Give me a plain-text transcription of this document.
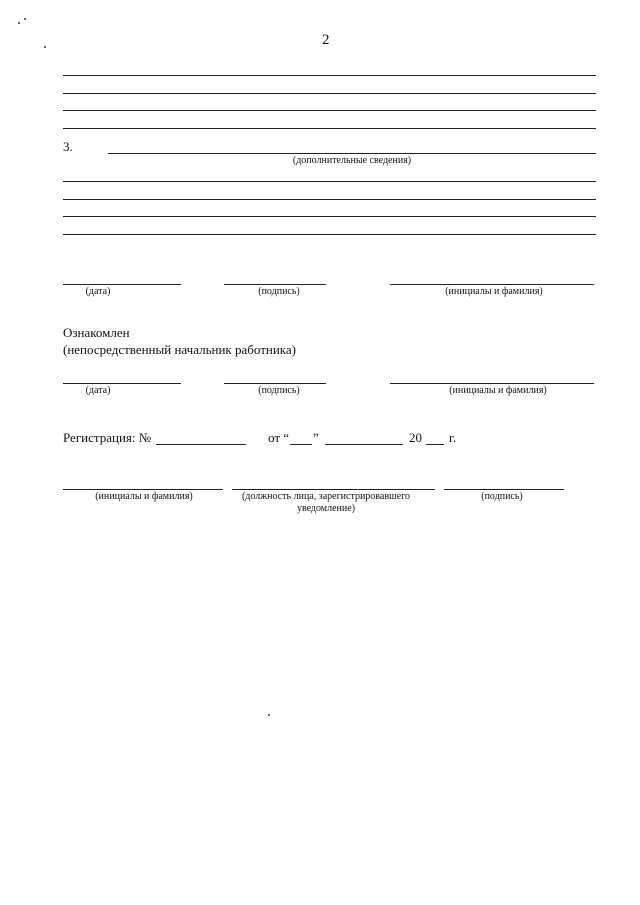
2
3.
(дополнительные сведения)
(дата)	(подпись)	(инициалы и фамилия)
Ознакомлен
(непосредственный начальник работника)
(дата)	(подпись)	(инициалы и фамилия)
Регистрация: №	от “ ”	20 г.
(инициалы и фамилия)	(должность лица, зарегистрировавшего
уведомление)
(подпись)
